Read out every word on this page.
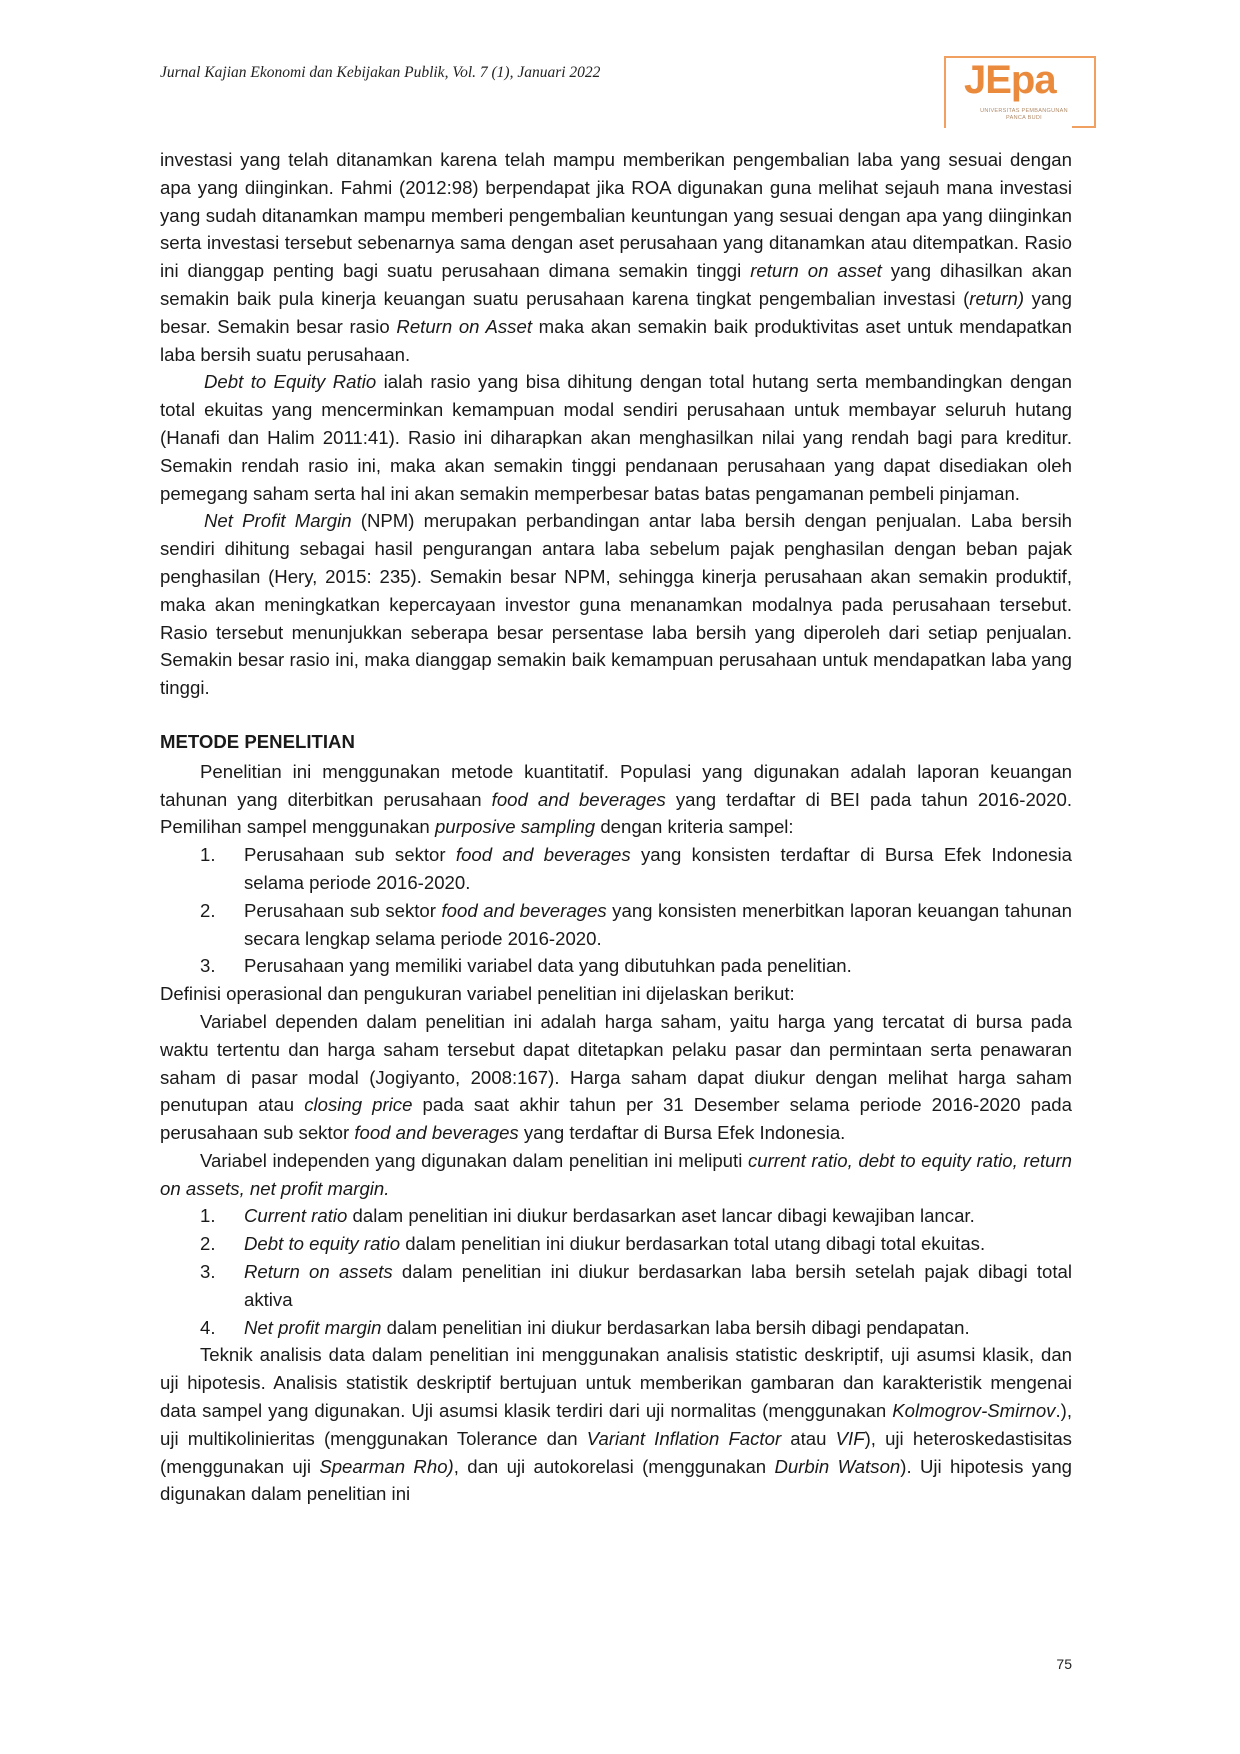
Jurnal Kajian Ekonomi dan Kebijakan Publik, Vol. 7 (1), Januari 2022	JEpa
UNIVERSITAS PEMBANGUNAN PANCA BUDI

investasi yang telah ditanamkan karena telah mampu memberikan pengembalian laba yang sesuai dengan apa yang diinginkan. Fahmi (2012:98) berpendapat jika ROA digunakan guna melihat sejauh mana investasi yang sudah ditanamkan mampu memberi pengembalian keuntungan yang sesuai dengan apa yang diinginkan serta investasi tersebut sebenarnya sama dengan aset perusahaan yang ditanamkan atau ditempatkan. Rasio ini dianggap penting bagi suatu perusahaan dimana semakin tinggi return on asset yang dihasilkan akan semakin baik pula kinerja keuangan suatu perusahaan karena tingkat pengembalian investasi (return) yang besar. Semakin besar rasio Return on Asset maka akan semakin baik produktivitas aset untuk mendapatkan laba bersih suatu perusahaan.

Debt to Equity Ratio ialah rasio yang bisa dihitung dengan total hutang serta membandingkan dengan total ekuitas yang mencerminkan kemampuan modal sendiri perusahaan untuk membayar seluruh hutang (Hanafi dan Halim 2011:41). Rasio ini diharapkan akan menghasilkan nilai yang rendah bagi para kreditur. Semakin rendah rasio ini, maka akan semakin tinggi pendanaan perusahaan yang dapat disediakan oleh pemegang saham serta hal ini akan semakin memperbesar batas batas pengamanan pembeli pinjaman.

Net Profit Margin (NPM) merupakan perbandingan antar laba bersih dengan penjualan. Laba bersih sendiri dihitung sebagai hasil pengurangan antara laba sebelum pajak penghasilan dengan beban pajak penghasilan (Hery, 2015: 235). Semakin besar NPM, sehingga kinerja perusahaan akan semakin produktif, maka akan meningkatkan kepercayaan investor guna menanamkan modalnya pada perusahaan tersebut. Rasio tersebut menunjukkan seberapa besar persentase laba bersih yang diperoleh dari setiap penjualan. Semakin besar rasio ini, maka dianggap semakin baik kemampuan perusahaan untuk mendapatkan laba yang tinggi.

METODE PENELITIAN

Penelitian ini menggunakan metode kuantitatif. Populasi yang digunakan adalah laporan keuangan tahunan yang diterbitkan perusahaan food and beverages yang terdaftar di BEI pada tahun 2016-2020. Pemilihan sampel menggunakan purposive sampling dengan kriteria sampel:

1.	Perusahaan sub sektor food and beverages yang konsisten terdaftar di Bursa Efek Indonesia selama periode 2016-2020.
2.	Perusahaan sub sektor food and beverages yang konsisten menerbitkan laporan keuangan tahunan secara lengkap selama periode 2016-2020.
3.	Perusahaan yang memiliki variabel data yang dibutuhkan pada penelitian.

Definisi operasional dan pengukuran variabel penelitian ini dijelaskan berikut:

Variabel dependen dalam penelitian ini adalah harga saham, yaitu harga yang tercatat di bursa pada waktu tertentu dan harga saham tersebut dapat ditetapkan pelaku pasar dan permintaan serta penawaran saham di pasar modal (Jogiyanto, 2008:167). Harga saham dapat diukur dengan melihat harga saham penutupan atau closing price pada saat akhir tahun per 31 Desember selama periode 2016-2020 pada perusahaan sub sektor food and beverages yang terdaftar di Bursa Efek Indonesia.

Variabel independen yang digunakan dalam penelitian ini meliputi current ratio, debt to equity ratio, return on assets, net profit margin.

1.	Current ratio dalam penelitian ini diukur berdasarkan aset lancar dibagi kewajiban lancar.
2.	Debt to equity ratio dalam penelitian ini diukur berdasarkan total utang dibagi total ekuitas.
3.	Return on assets dalam penelitian ini diukur berdasarkan laba bersih setelah pajak dibagi total aktiva
4.	Net profit margin dalam penelitian ini diukur berdasarkan laba bersih dibagi pendapatan.

Teknik analisis data dalam penelitian ini menggunakan analisis statistic deskriptif, uji asumsi klasik, dan uji hipotesis. Analisis statistik deskriptif bertujuan untuk memberikan gambaran dan karakteristik mengenai data sampel yang digunakan. Uji asumsi klasik terdiri dari uji normalitas (menggunakan Kolmogrov-Smirnov.), uji multikolinieritas (menggunakan Tolerance dan Variant Inflation Factor atau VIF), uji heteroskedastisitas (menggunakan uji Spearman Rho), dan uji autokorelasi (menggunakan Durbin Watson). Uji hipotesis yang digunakan dalam penelitian ini

75
